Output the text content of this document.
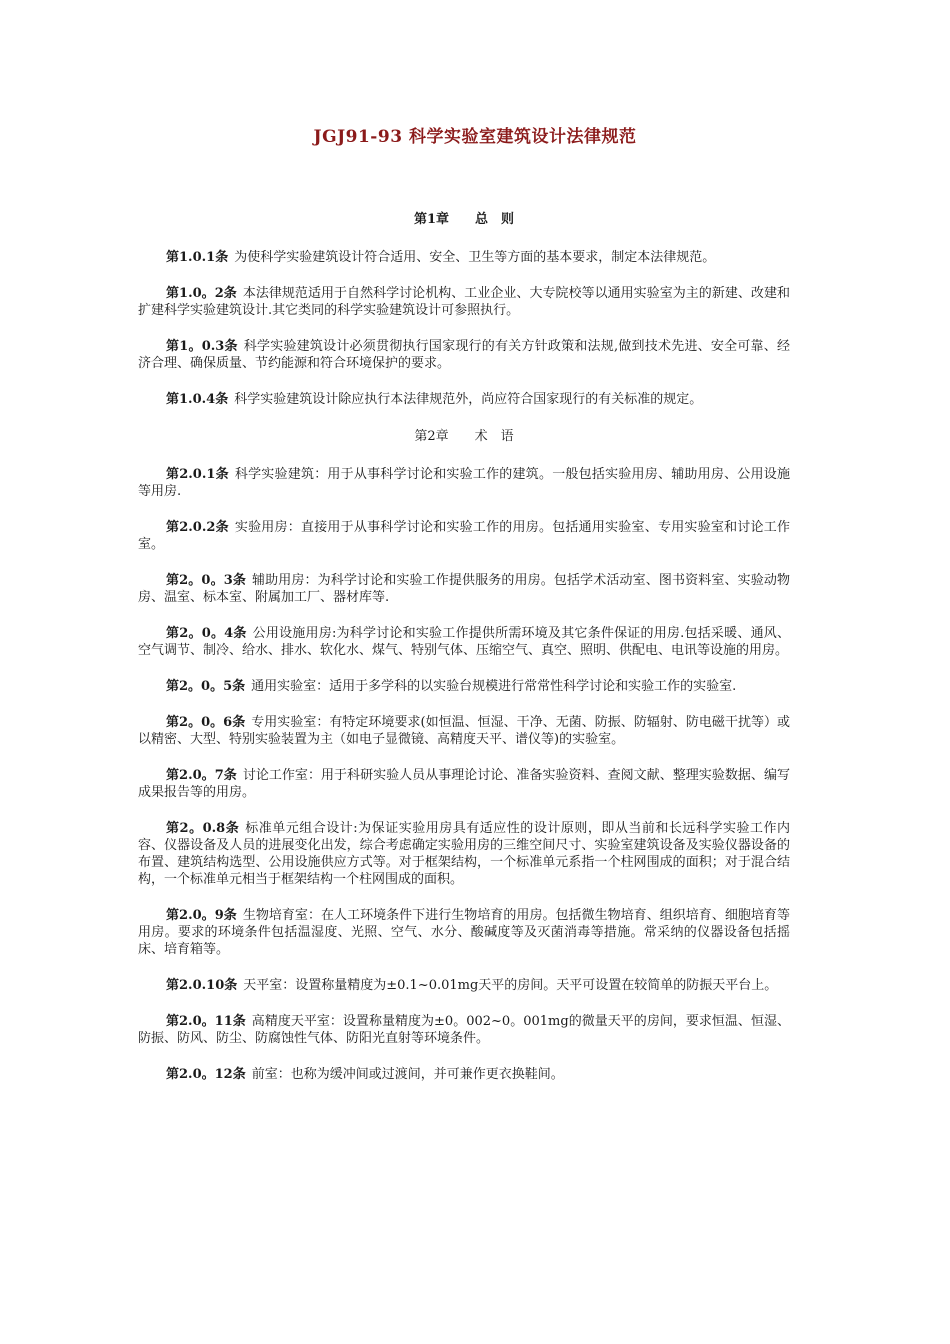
JGJ91-93 科学实验室建筑设计法律规范
第1章　　总　则

第1.0.1条 为使科学实验建筑设计符合适用、安全、卫生等方面的基本要求，制定本法律规范。

第1.0。2条 本法律规范适用于自然科学讨论机构、工业企业、大专院校等以通用实验室为主的新建、改建和扩建科学实验建筑设计.其它类同的科学实验建筑设计可参照执行。

第1。0.3条 科学实验建筑设计必须贯彻执行国家现行的有关方针政策和法规,做到技术先进、安全可靠、经济合理、确保质量、节约能源和符合环境保护的要求。

第1.0.4条 科学实验建筑设计除应执行本法律规范外，尚应符合国家现行的有关标准的规定。

第2章　　术　语

第2.0.1条 科学实验建筑：用于从事科学讨论和实验工作的建筑。一般包括实验用房、辅助用房、公用设施等用房.

第2.0.2条 实验用房：直接用于从事科学讨论和实验工作的用房。包括通用实验室、专用实验室和讨论工作室。

第2。0。3条 辅助用房：为科学讨论和实验工作提供服务的用房。包括学术活动室、图书资料室、实验动物房、温室、标本室、附属加工厂、器材库等.

第2。0。4条 公用设施用房:为科学讨论和实验工作提供所需环境及其它条件保证的用房.包括采暖、通风、空气调节、制冷、给水、排水、软化水、煤气、特别气体、压缩空气、真空、照明、供配电、电讯等设施的用房。

第2。0。5条 通用实验室：适用于多学科的以实验台规模进行常常性科学讨论和实验工作的实验室.

第2。0。6条 专用实验室：有特定环境要求(如恒温、恒湿、干净、无菌、防振、防辐射、防电磁干扰等）或以精密、大型、特别实验装置为主（如电子显微镜、高精度天平、谱仪等)的实验室。

第2.0。7条 讨论工作室：用于科研实验人员从事理论讨论、准备实验资料、查阅文献、整理实验数据、编写成果报告等的用房。

第2。0.8条 标准单元组合设计:为保证实验用房具有适应性的设计原则，即从当前和长远科学实验工作内容、仪器设备及人员的进展变化出发，综合考虑确定实验用房的三维空间尺寸、实验室建筑设备及实验仪器设备的布置、建筑结构选型、公用设施供应方式等。对于框架结构，一个标准单元系指一个柱网围成的面积；对于混合结构，一个标准单元相当于框架结构一个柱网围成的面积。

第2.0。9条 生物培育室：在人工环境条件下进行生物培育的用房。包括微生物培育、组织培育、细胞培育等用房。要求的环境条件包括温湿度、光照、空气、水分、酸碱度等及灭菌消毒等措施。常采纳的仪器设备包括摇床、培育箱等。

第2.0.10条 天平室：设置称量精度为±0.1~0.01mg天平的房间。天平可设置在较简单的防振天平台上。

第2.0。11条 高精度天平室：设置称量精度为±0。002~0。001mg的微量天平的房间，要求恒温、恒湿、防振、防风、防尘、防腐蚀性气体、防阳光直射等环境条件。

第2.0。12条 前室：也称为缓冲间或过渡间，并可兼作更衣换鞋间。
